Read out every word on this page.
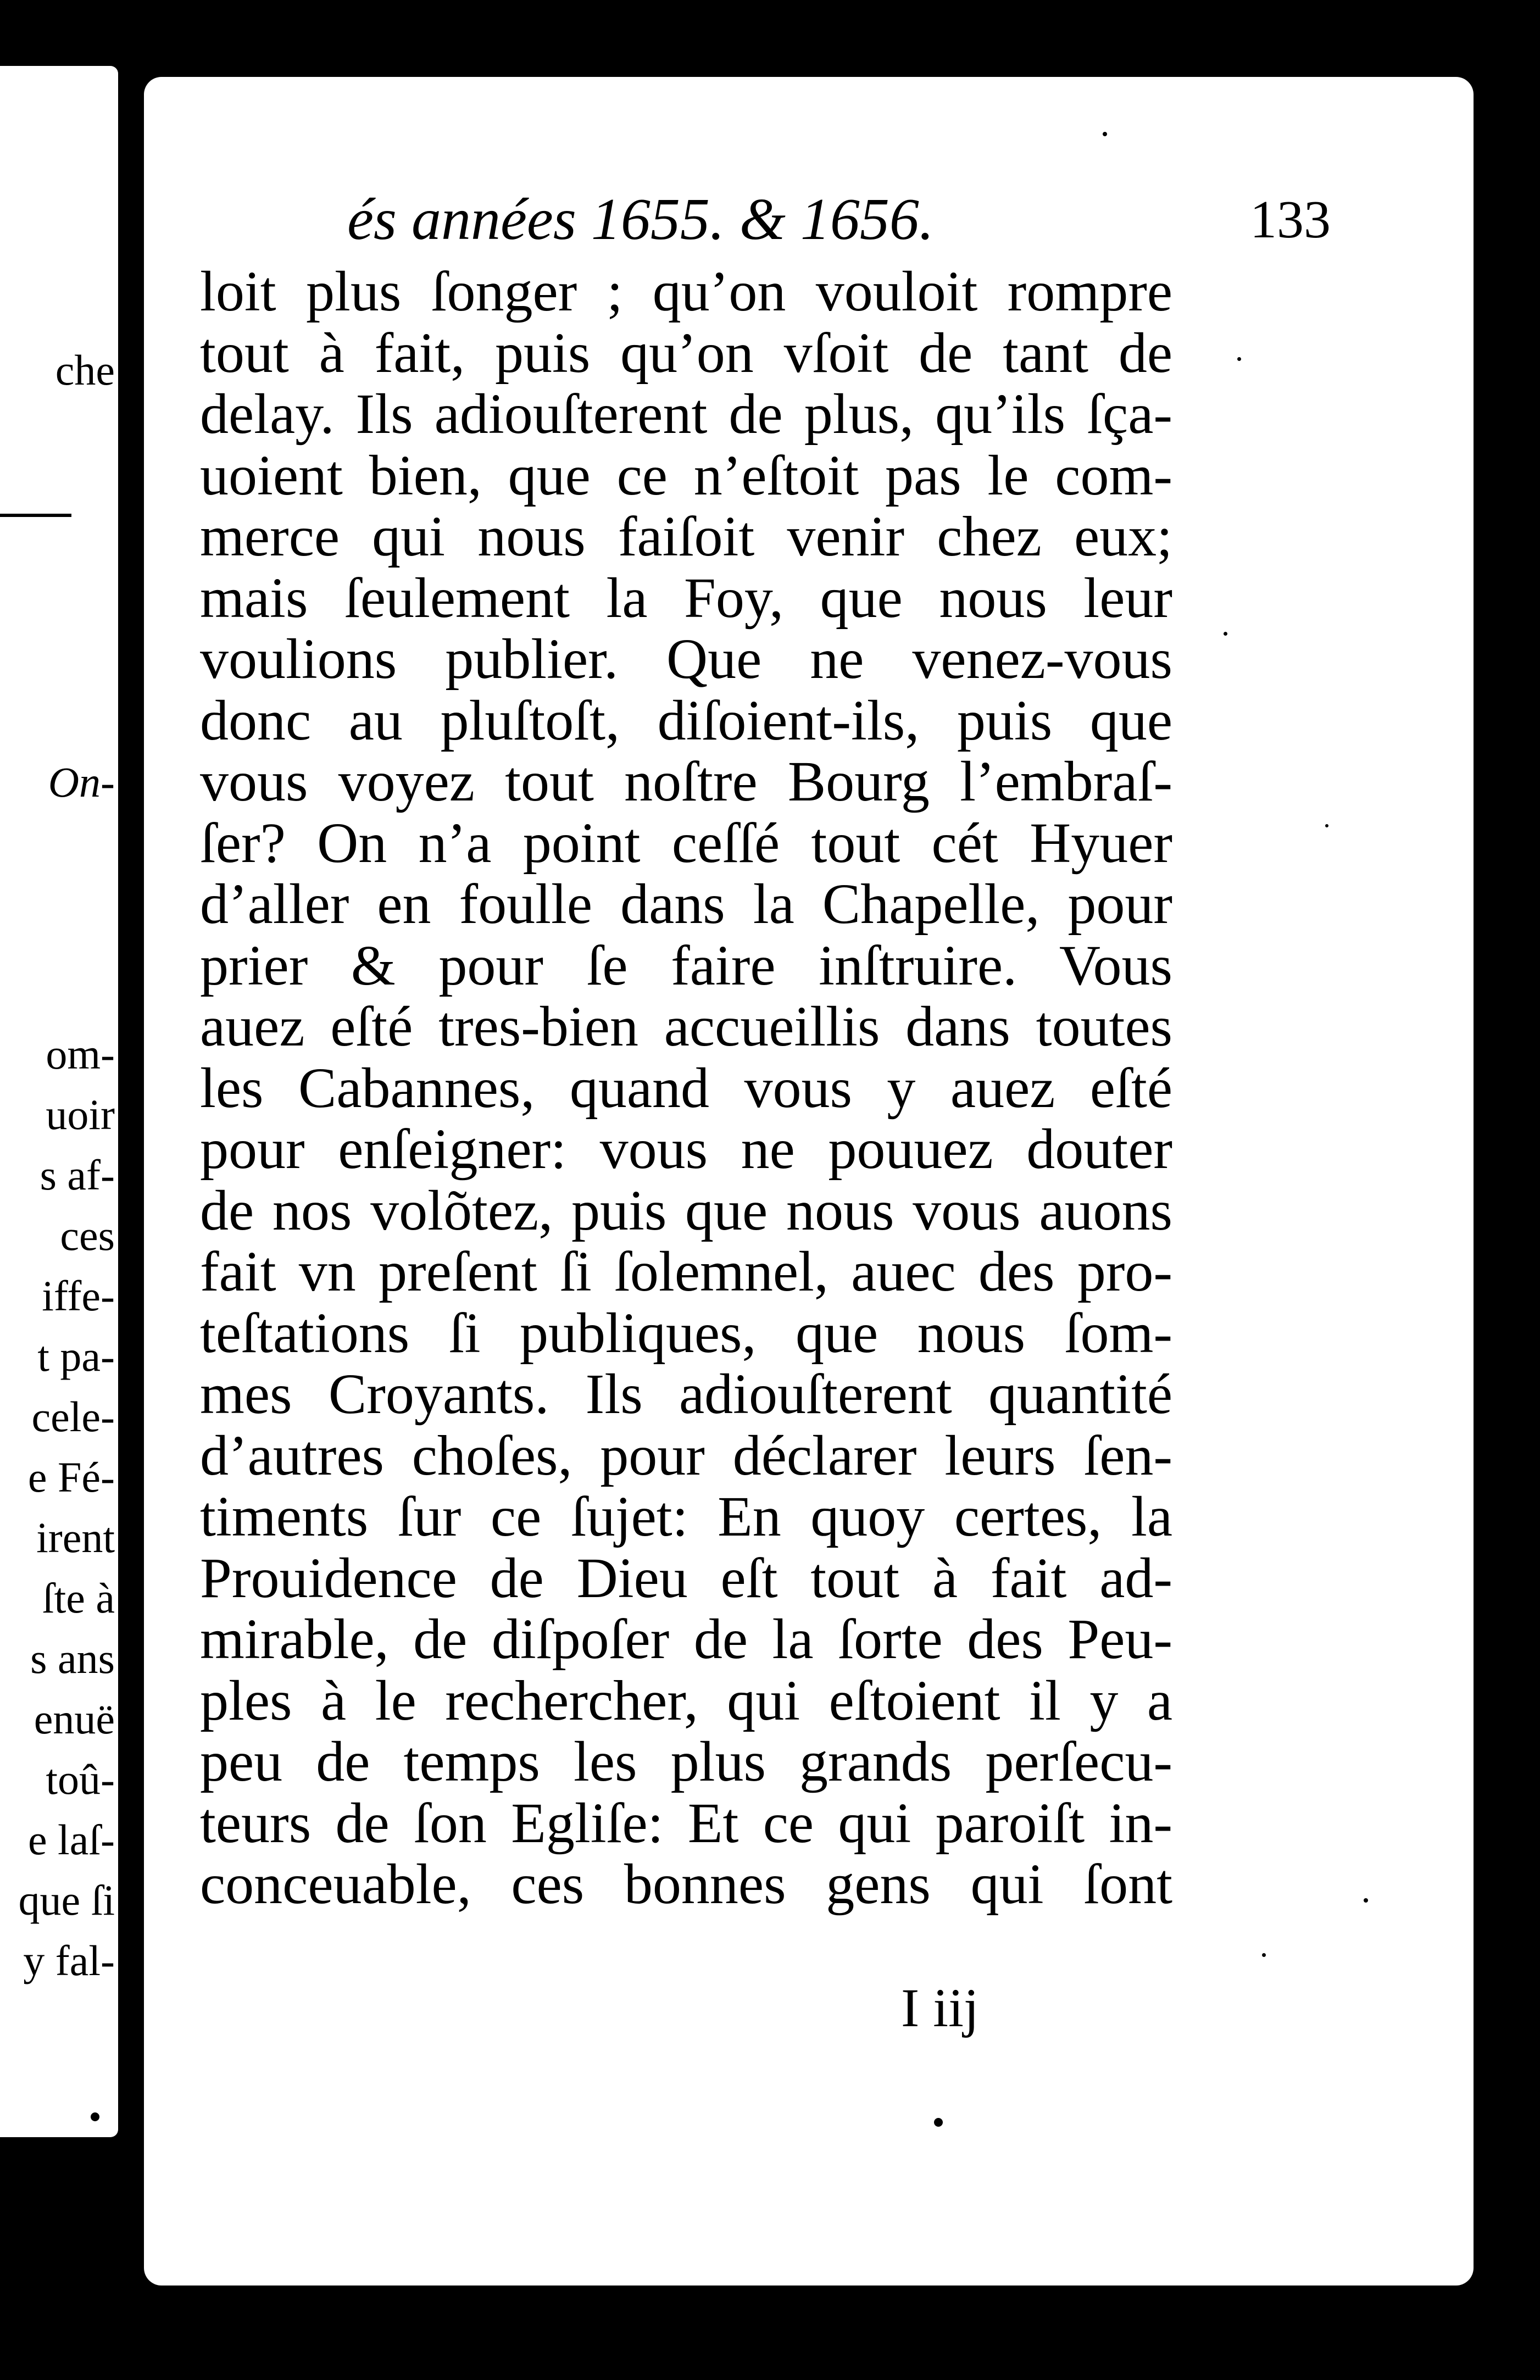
che
On-
om-
uoir
s af-
ces
iffe-
t pa-
cele-
e Fé-
irent
ſte à
s ans
enuë
toû-
e laſ-
que ſi
y fal-
és années 1655. & 1656.	133
loit plus ſonger ; qu’on vouloit rompre
tout à fait, puis qu’on vſoit de tant de
delay. Ils adiouſterent de plus, qu’ils ſça-
uoient bien, que ce n’eſtoit pas le com-
merce qui nous faiſoit venir chez eux;
mais ſeulement la Foy, que nous leur
voulions publier. Que ne venez-vous
donc au pluſtoſt, diſoient-ils, puis que
vous voyez tout noſtre Bourg l’embraſ-
ſer? On n’a point ceſſé tout cét Hyuer
d’aller en foulle dans la Chapelle, pour
prier & pour ſe faire inſtruire. Vous
auez eſté tres-bien accueillis dans toutes
les Cabannes, quand vous y auez eſté
pour enſeigner: vous ne pouuez douter
de nos volõtez, puis que nous vous auons
fait vn preſent ſi ſolemnel, auec des pro-
teſtations ſi publiques, que nous ſom-
mes Croyants. Ils adiouſterent quantité
d’autres choſes, pour déclarer leurs ſen-
timents ſur ce ſujet: En quoy certes, la
Prouidence de Dieu eſt tout à fait ad-
mirable, de diſpoſer de la ſorte des Peu-
ples à le rechercher, qui eſtoient il y a
peu de temps les plus grands perſecu-
teurs de ſon Egliſe: Et ce qui paroiſt in-
conceuable, ces bonnes gens qui ſont
I iij
